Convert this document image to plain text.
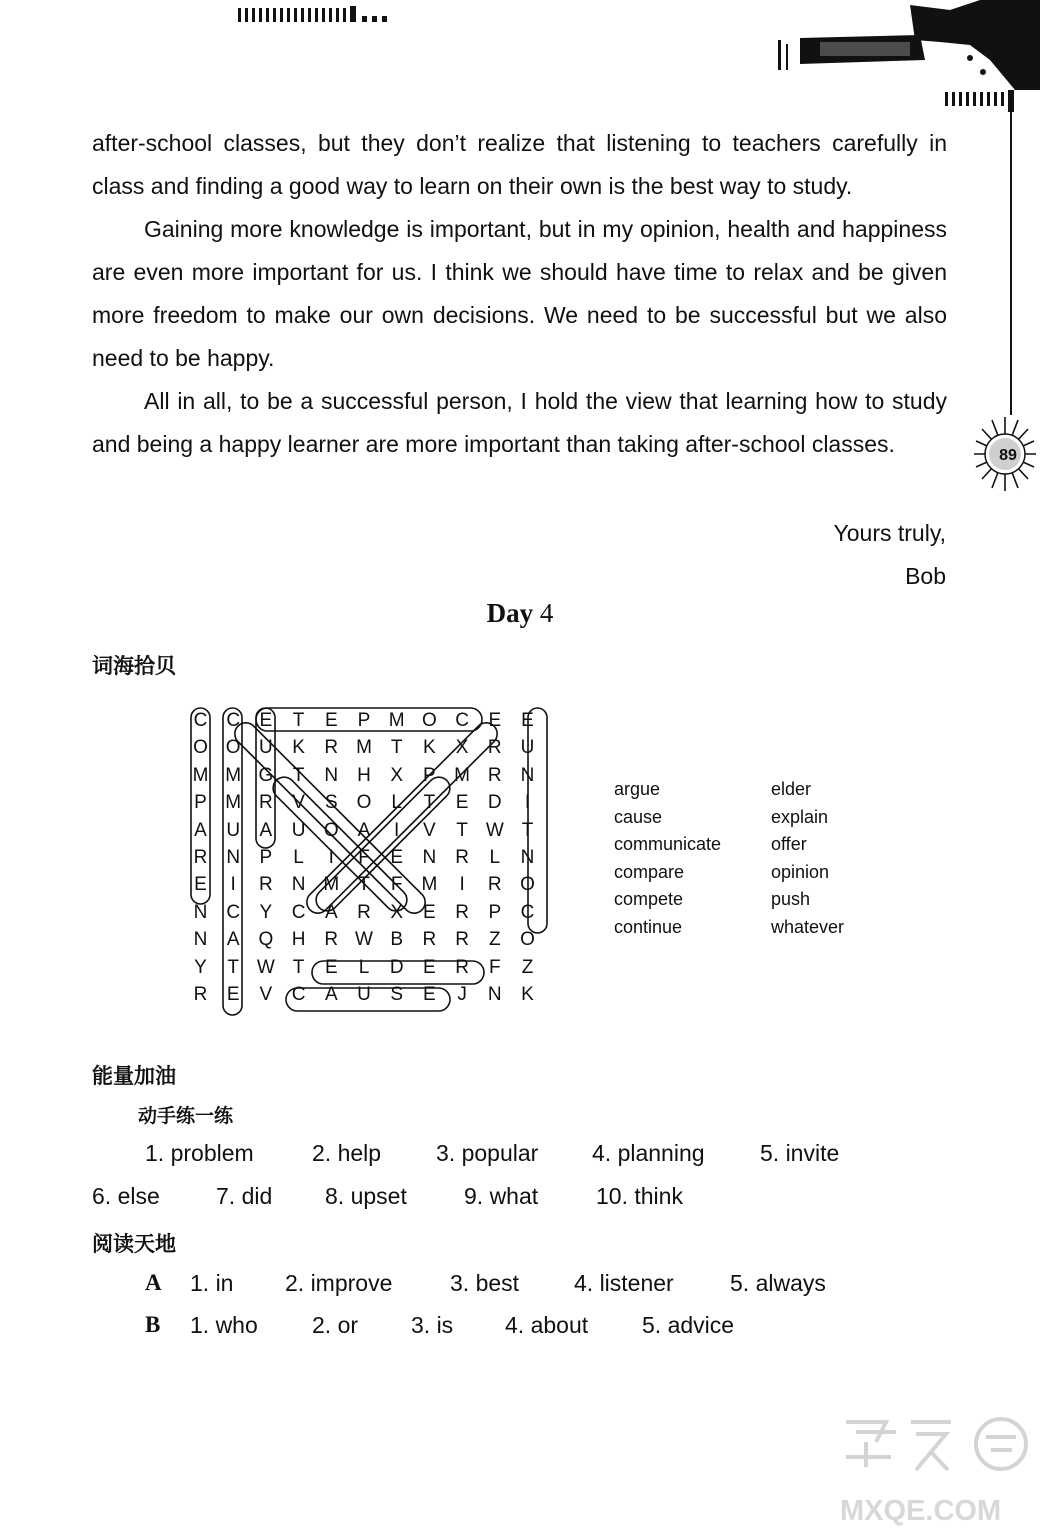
89

after-school classes, but they don’t realize that listening to teachers carefully in class and finding a good way to learn on their own is the best way to study.

Gaining more knowledge is important, but in my opinion, health and happiness are even more important for us. I think we should have time to relax and be given more freedom to make our own decisions. We need to be successful but we also need to be happy.

All in all, to be a successful person, I hold the view that learning how to study and being a happy learner are more important than taking after-school classes.

Yours truly,
Bob
Day 4
词海拾贝
C C	E	T	E	P M O C	E	E
O O U	K	R M T	K	X	R U
M M G	T	N H	X	P M R N
P M R	V	S O	L	T	E	D	I
A	U	A	U O A	I	V	T W T
R N	P	L	I	F	E	N R	L	N
E	I	R N M T	F M	I	R O
N C	Y	C	A	R	X	E	R	P	C
N	A Q H R W B	R R	Z	O
Y	T W T	E	L	D	E	R	F	Z
R	E	V	C	A	U	S	E	J	N	K
argue
cause
communicate
compare
compete
continue
elder
explain
offer
opinion
push
whatever
能量加油
动手练一练
1. problem	2. help 3. popular 4. planning 5. invite
6. else 7. did 8. upset 9. what	10. think
阅读天地
A 1. in 2. improve	3. best 4. listener 5. always
B 1. who 2. or 3. is 4. about 5. advice
MXQE.COM
